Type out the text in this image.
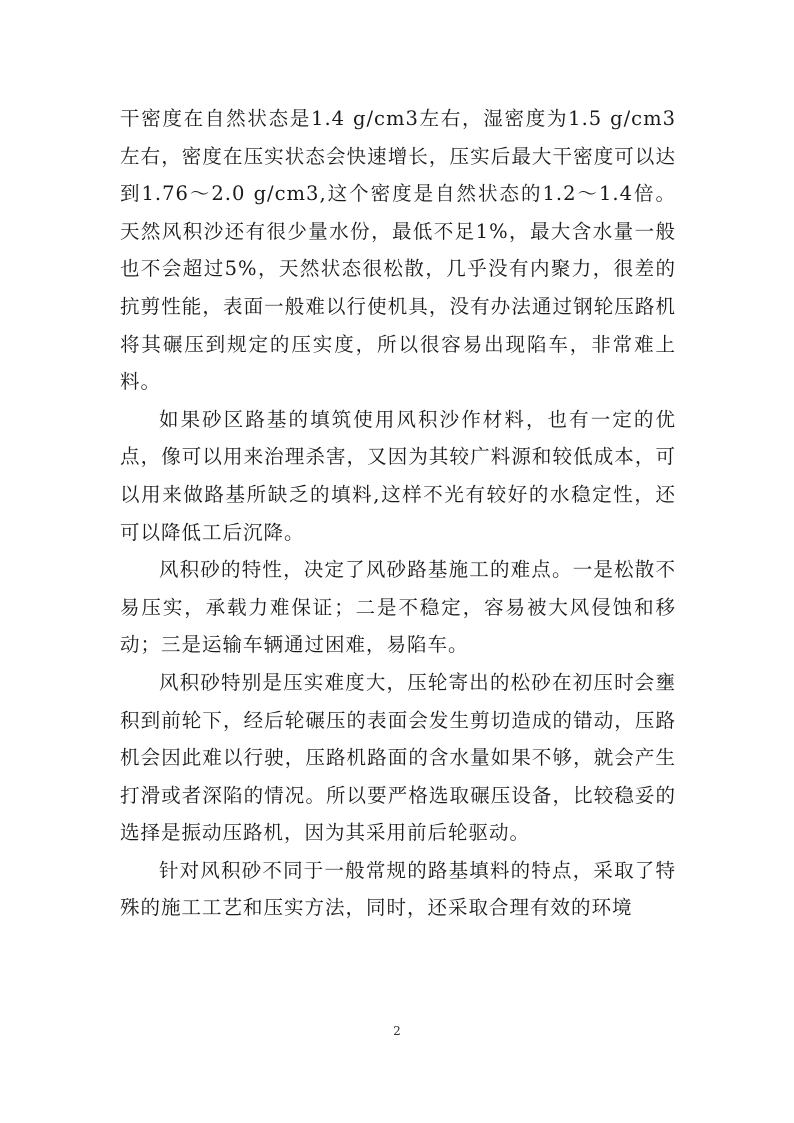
干密度在自然状态是1.4 g/cm3左右，湿密度为1.5 g/cm3左右，密度在压实状态会快速增长，压实后最大干密度可以达到1.76～2.0 g/cm3,这个密度是自然状态的1.2～1.4倍。天然风积沙还有很少量水份，最低不足1%，最大含水量一般也不会超过5%，天然状态很松散，几乎没有内聚力，很差的抗剪性能，表面一般难以行使机具，没有办法通过钢轮压路机将其碾压到规定的压实度，所以很容易出现陷车，非常难上料。

如果砂区路基的填筑使用风积沙作材料，也有一定的优点，像可以用来治理杀害，又因为其较广料源和较低成本，可以用来做路基所缺乏的填料,这样不光有较好的水稳定性，还可以降低工后沉降。

风积砂的特性，决定了风砂路基施工的难点。一是松散不易压实，承载力难保证；二是不稳定，容易被大风侵蚀和移动；三是运输车辆通过困难，易陷车。

风积砂特别是压实难度大，压轮寄出的松砂在初压时会壅积到前轮下，经后轮碾压的表面会发生剪切造成的错动，压路机会因此难以行驶，压路机路面的含水量如果不够，就会产生打滑或者深陷的情况。所以要严格选取碾压设备，比较稳妥的选择是振动压路机，因为其采用前后轮驱动。

针对风积砂不同于一般常规的路基填料的特点，采取了特殊的施工工艺和压实方法，同时，还采取合理有效的环境

2
